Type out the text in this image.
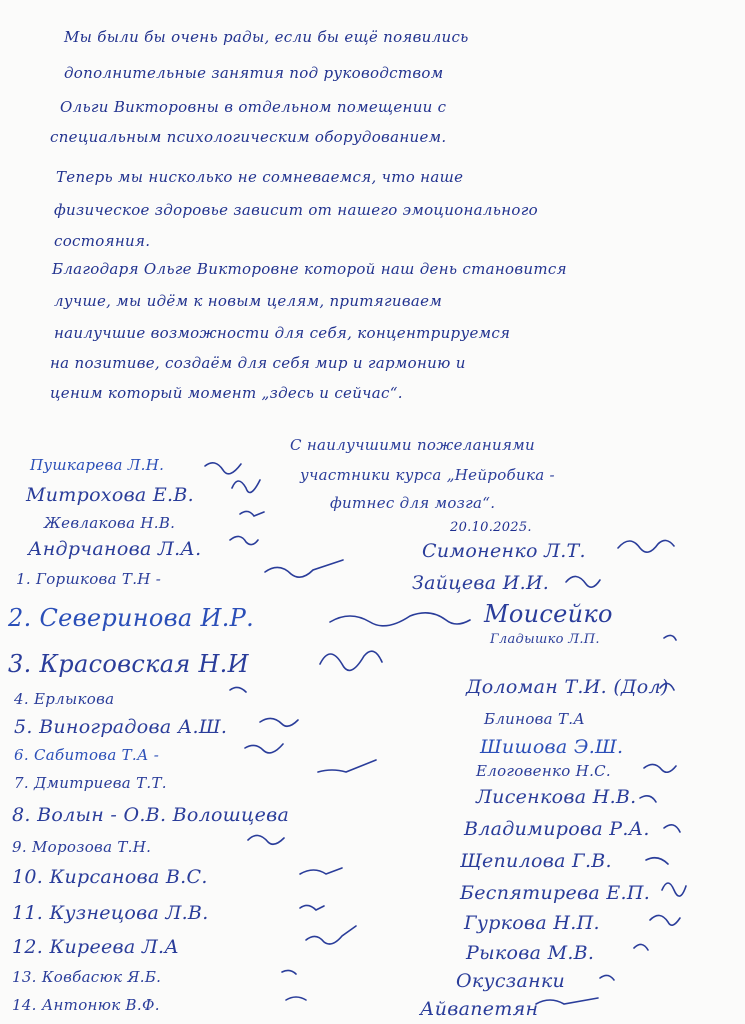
Мы были бы очень рады, если бы ещё появились
дополнительные занятия под руководством
Ольги Викторовны в отдельном помещении с
специальным психологическим оборудованием.
Теперь мы нисколько не сомневаемся, что наше
физическое здоровье зависит от нашего эмоционального
состояния.
Благодаря Ольге Викторовне которой наш день становится
лучше, мы идём к новым целям, притягиваем
наилучшие возможности для себя, концентрируемся
на позитиве, создаём для себя мир и гармонию и
ценим который момент „здесь и сейчас“.
С наилучшими пожеланиями
участники курса „Нейробика -
фитнес для мозга“.
20.10.2025.
Пушкарева Л.Н.
Митрохова Е.В.
Жевлакова Н.В.
Андрчанова Л.А.
1. Горшкова Т.Н -
2. Северинова И.Р.
3. Красовская Н.И
4. Ерлыкова
5. Виноградова А.Ш.
6. Сабитова Т.А -
7. Дмитриева Т.Т.
8. Волын - О.В. Волошцева
9. Морозова Т.Н.
10. Кирсанова В.С.
11. Кузнецова Л.В.
12. Киреева Л.А
13. Ковбасюк Я.Б.
14. Антонюк В.Ф.
Симоненко Л.Т.
Зайцева И.И.
Моисейко
Гладышко Л.П.
Доломан Т.И. (Дол)
Блинова Т.А
Шишова Э.Ш.
Елоговенко Н.С.
Лисенкова Н.В.
Владимирова Р.А.
Щепилова Г.В.
Беспятирева Е.П.
Гуркова Н.П.
Рыкова М.В.
Окусзанки
Айвапетян
